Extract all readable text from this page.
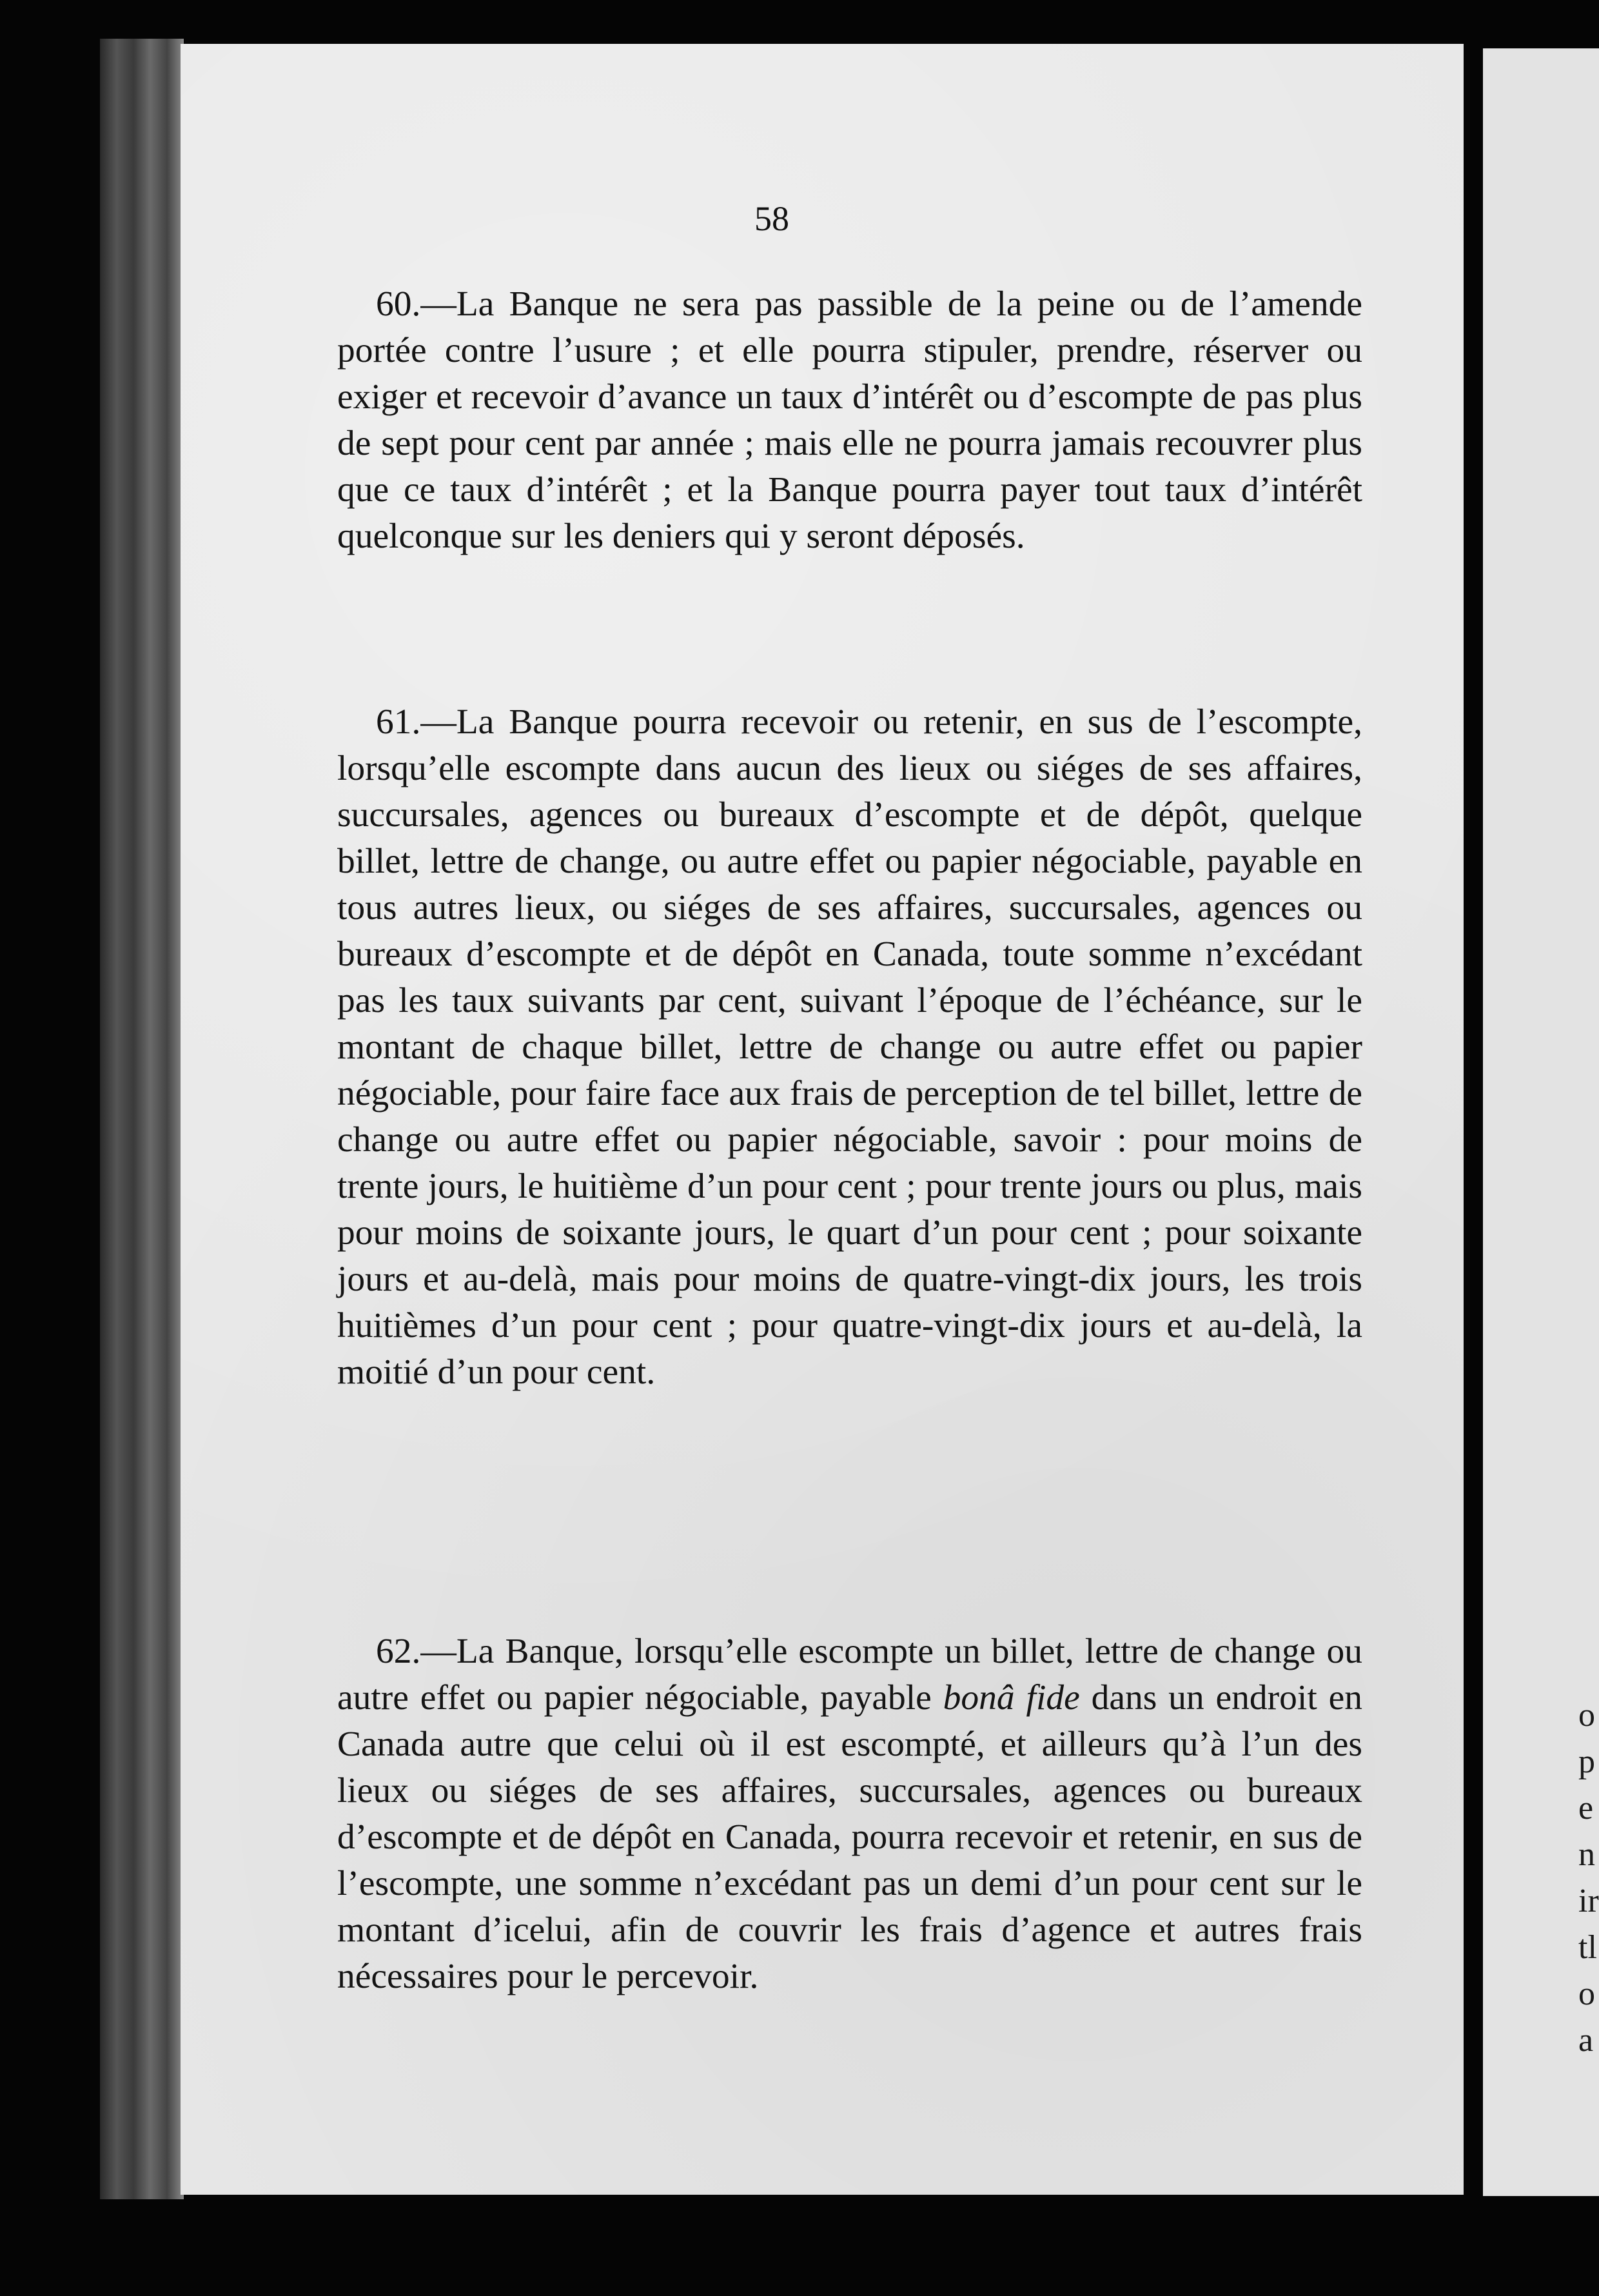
o
p
e
n
ir
tl
o
a
58

60.—La Banque ne sera pas passible de la peine ou de l’amende portée contre l’usure ; et elle pourra stipuler, prendre, réserver ou exiger et recevoir d’avance un taux d’intérêt ou d’escompte de pas plus de sept pour cent par année ; mais elle ne pourra jamais recouvrer plus que ce taux d’intérêt ; et la Banque pourra payer tout taux d’intérêt quelconque sur les deniers qui y seront déposés.

61.—La Banque pourra recevoir ou retenir, en sus de l’escompte, lorsqu’elle escompte dans aucun des lieux ou siéges de ses affaires, succursales, agences ou bureaux d’escompte et de dépôt, quelque billet, lettre de change, ou autre effet ou papier négociable, payable en tous autres lieux, ou siéges de ses affaires, succursales, agences ou bureaux d’escompte et de dépôt en Canada, toute somme n’excédant pas les taux suivants par cent, suivant l’époque de l’échéance, sur le montant de chaque billet, lettre de change ou autre effet ou papier négociable, pour faire face aux frais de perception de tel billet, lettre de change ou autre effet ou papier négociable, savoir : pour moins de trente jours, le huitième d’un pour cent ; pour trente jours ou plus, mais pour moins de soixante jours, le quart d’un pour cent ; pour soixante jours et au-delà, mais pour moins de quatre-vingt-dix jours, les trois huitièmes d’un pour cent ; pour quatre-vingt-dix jours et au-delà, la moitié d’un pour cent.

62.—La Banque, lorsqu’elle escompte un billet, lettre de change ou autre effet ou papier négociable, payable bonâ fide dans un endroit en Canada autre que celui où il est escompté, et ailleurs qu’à l’un des lieux ou siéges de ses affaires, succursales, agences ou bureaux d’escompte et de dépôt en Canada, pourra recevoir et retenir, en sus de l’escompte, une somme n’excédant pas un demi d’un pour cent sur le montant d’icelui, afin de couvrir les frais d’agence et autres frais nécessaires pour le percevoir.
